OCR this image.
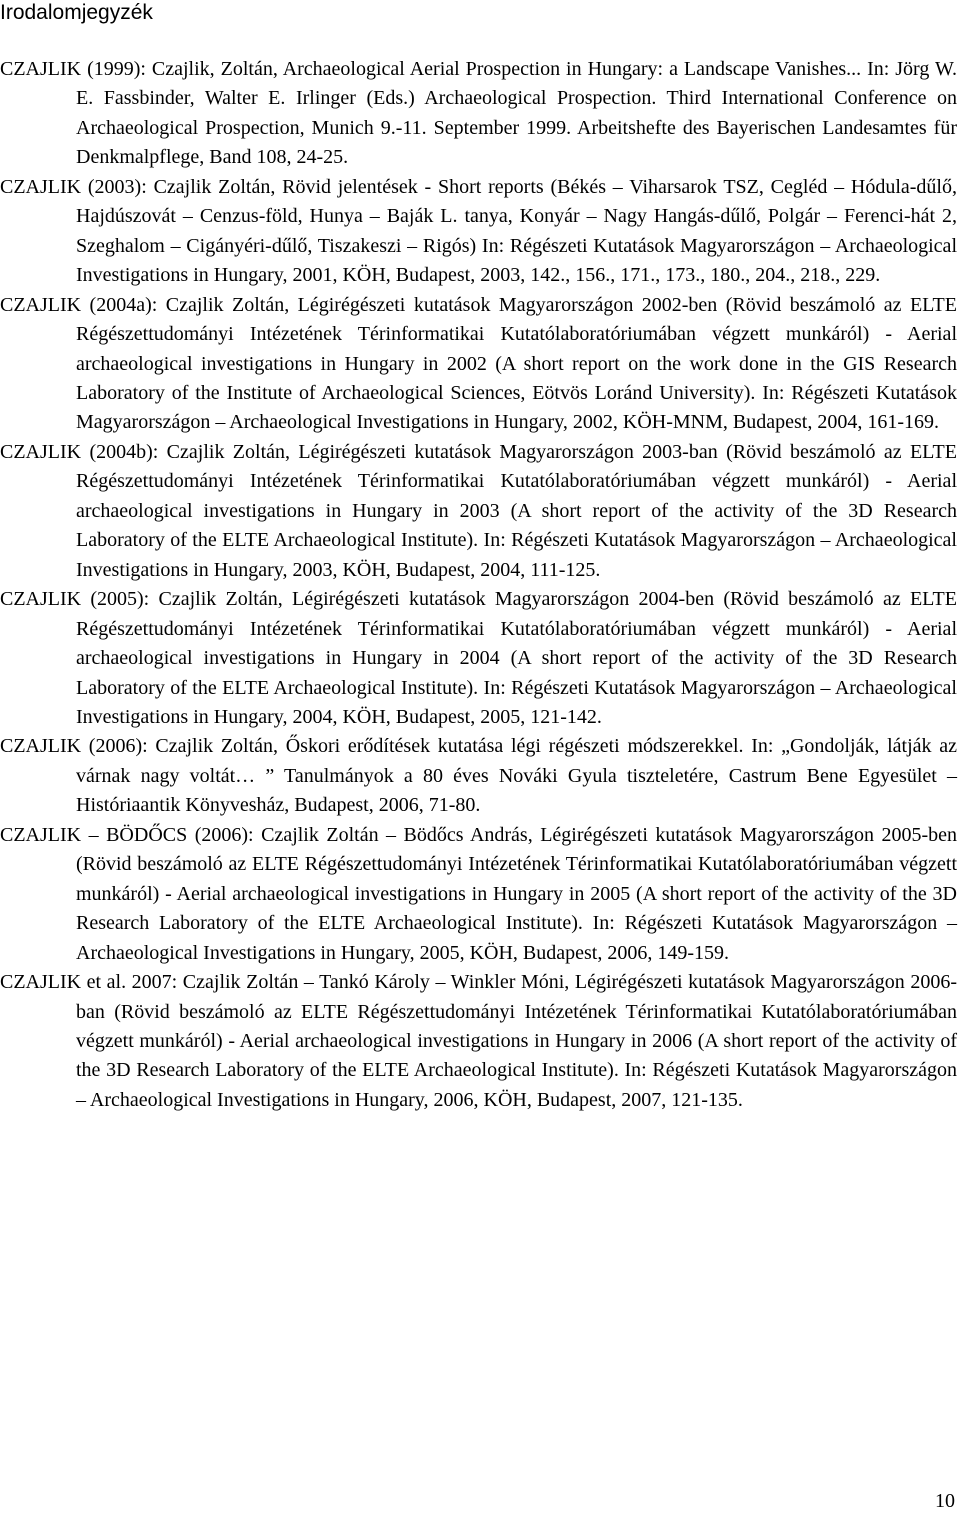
Irodalomjegyzék

CZAJLIK (1999): Czajlik, Zoltán, Archaeological Aerial Prospection in Hungary: a Landscape Vanishes... In: Jörg W. E. Fassbinder, Walter E. Irlinger (Eds.) Archaeological Prospection. Third International Conference on Archaeological Prospection, Munich 9.-11. September 1999. Arbeitshefte des Bayerischen Landesamtes für Denkmalpflege, Band 108, 24-25.

CZAJLIK (2003): Czajlik Zoltán, Rövid jelentések - Short reports (Békés – Viharsarok TSZ, Cegléd – Hódula-dűlő, Hajdúszovát – Cenzus-föld, Hunya – Baják L. tanya, Konyár – Nagy Hangás-dűlő, Polgár – Ferenci-hát 2, Szeghalom – Cigányéri-dűlő, Tiszakeszi – Rigós) In: Régészeti Kutatások Magyarországon – Archaeological Investigations in Hungary, 2001, KÖH, Budapest, 2003, 142., 156., 171., 173., 180., 204., 218., 229.

CZAJLIK (2004a): Czajlik Zoltán, Légirégészeti kutatások Magyarországon 2002-ben (Rövid beszámoló az ELTE Régészettudományi Intézetének Térinformatikai Kutatólaboratóriumában végzett munkáról) - Aerial archaeological investigations in Hungary in 2002 (A short report on the work done in the GIS Research Laboratory of the Institute of Archaeological Sciences, Eötvös Loránd University). In: Régészeti Kutatások Magyarországon – Archaeological Investigations in Hungary, 2002, KÖH-MNM, Budapest, 2004, 161-169.

CZAJLIK (2004b): Czajlik Zoltán, Légirégészeti kutatások Magyarországon 2003-ban (Rövid beszámoló az ELTE Régészettudományi Intézetének Térinformatikai Kutatólaboratóriumában végzett munkáról) - Aerial archaeological investigations in Hungary in 2003 (A short report of the activity of the 3D Research Laboratory of the ELTE Archaeological Institute). In: Régészeti Kutatások Magyarországon – Archaeological Investigations in Hungary, 2003, KÖH, Budapest, 2004, 111-125.

CZAJLIK (2005): Czajlik Zoltán, Légirégészeti kutatások Magyarországon 2004-ben (Rövid beszámoló az ELTE Régészettudományi Intézetének Térinformatikai Kutatólaboratóriumában végzett munkáról) - Aerial archaeological investigations in Hungary in 2004 (A short report of the activity of the 3D Research Laboratory of the ELTE Archaeological Institute). In: Régészeti Kutatások Magyarországon – Archaeological Investigations in Hungary, 2004, KÖH, Budapest, 2005, 121-142.

CZAJLIK (2006): Czajlik Zoltán, Őskori erődítések kutatása légi régészeti módszerekkel. In: „Gondolják, látják az várnak nagy voltát… ” Tanulmányok a 80 éves Nováki Gyula tiszteletére, Castrum Bene Egyesület – Históriaantik Könyvesház, Budapest, 2006, 71-80.

CZAJLIK – BÖDŐCS (2006): Czajlik Zoltán – Bödőcs András, Légirégészeti kutatások Magyarországon 2005-ben (Rövid beszámoló az ELTE Régészettudományi Intézetének Térinformatikai Kutatólaboratóriumában végzett munkáról) - Aerial archaeological investigations in Hungary in 2005 (A short report of the activity of the 3D Research Laboratory of the ELTE Archaeological Institute). In: Régészeti Kutatások Magyarországon – Archaeological Investigations in Hungary, 2005, KÖH, Budapest, 2006, 149-159.

CZAJLIK et al. 2007: Czajlik Zoltán – Tankó Károly – Winkler Móni, Légirégészeti kutatások Magyarországon 2006-ban (Rövid beszámoló az ELTE Régészettudományi Intézetének Térinformatikai Kutatólaboratóriumában végzett munkáról) - Aerial archaeological investigations in Hungary in 2006 (A short report of the activity of the 3D Research Laboratory of the ELTE Archaeological Institute). In: Régészeti Kutatások Magyarországon – Archaeological Investigations in Hungary, 2006, KÖH, Budapest, 2007, 121-135.

10
